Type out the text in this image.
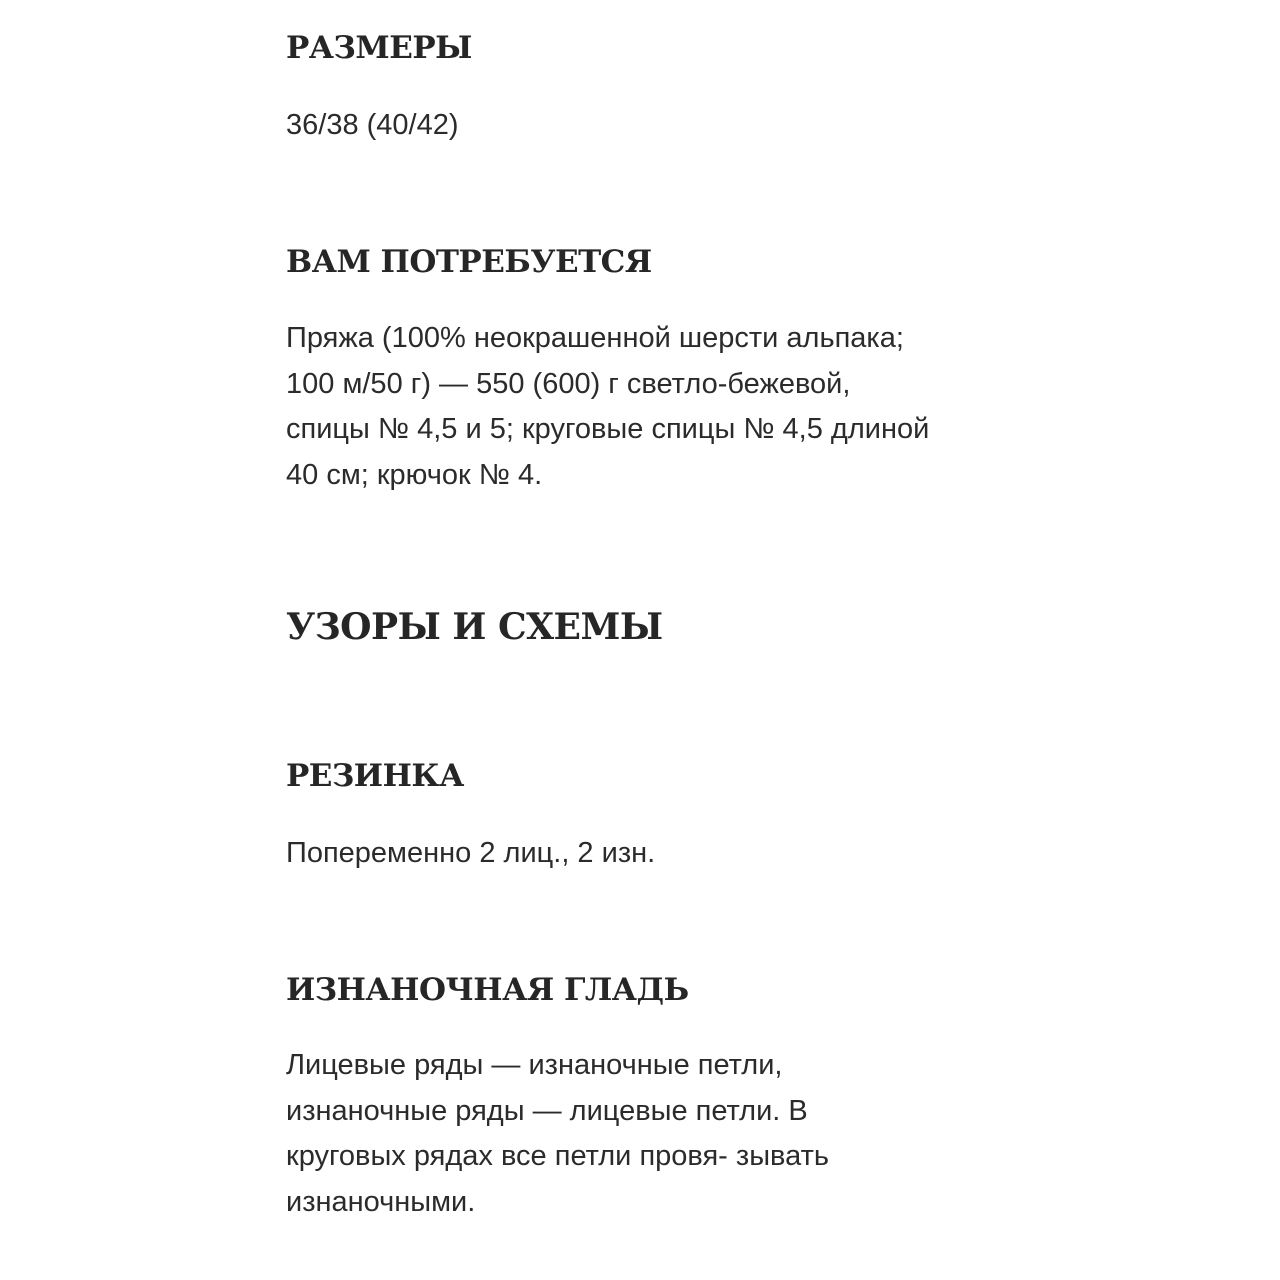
РАЗМЕРЫ

36/38 (40/42)

ВАМ ПОТРЕБУЕТСЯ

Пряжа (100% неокрашенной шерсти альпака;
100 м/50 г) — 550 (600) г светло-бежевой,
спицы № 4,5 и 5; круговые спицы № 4,5 длиной
40 см; крючок № 4.

УЗОРЫ И СХЕМЫ
РЕЗИНКА

Попеременно 2 лиц., 2 изн.

ИЗНАНОЧНАЯ ГЛАДЬ

Лицевые ряды — изнаночные петли,
изнаночные ряды — лицевые петли. В
круговых рядах все петли провя- зывать
изнаночными.
